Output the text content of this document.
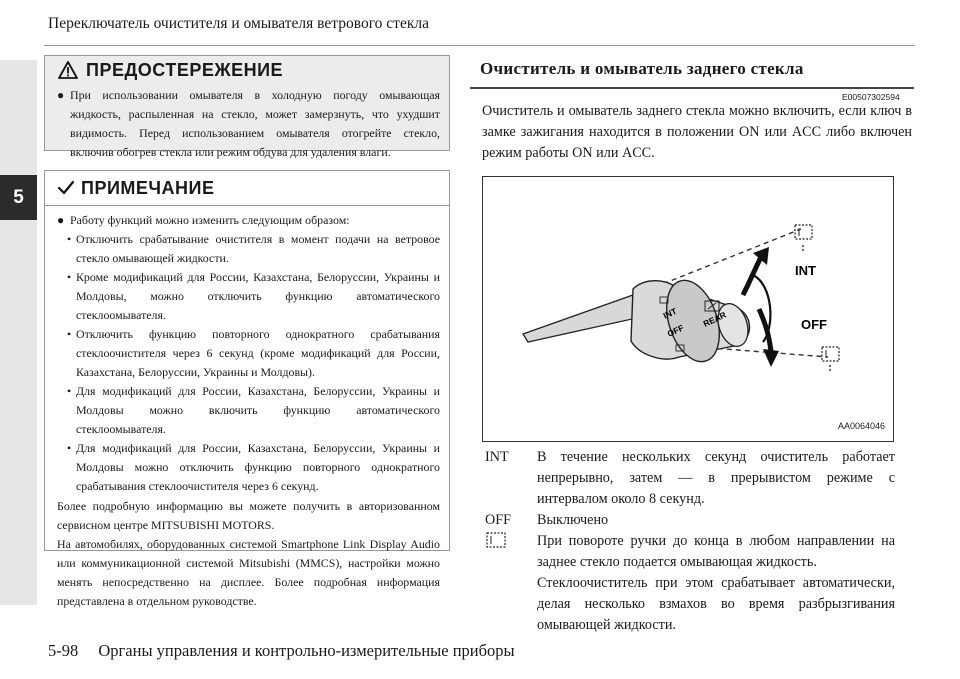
5
Переключатель очистителя и омывателя ветрового стекла
ПРЕДОСТЕРЕЖЕНИЕ
● При использовании омывателя в холодную погоду омывающая жидкость, распыленная на стекло, может замерзнуть, что ухудшит видимость. Перед использованием омывателя отогрейте стекло, включив обогрев стекла или режим обдува для удаления влаги.
ПРИМЕЧАНИЕ
● Работу функций можно изменить следующим образом:
• Отключить срабатывание очистителя в момент подачи на ветровое стекло омывающей жидкости.
• Кроме модификаций для России, Казахстана, Белоруссии, Украины и Молдовы, можно отключить функцию автоматического стеклоомывателя.
• Отключить функцию повторного однократного срабатывания стеклоочистителя через 6 секунд (кроме модификаций для России, Казахстана, Белоруссии, Украины и Молдовы).
• Для модификаций для России, Казахстана, Белоруссии, Украины и Молдовы можно включить функцию автоматического стеклоомывателя.
• Для модификаций для России, Казахстана, Белоруссии, Украины и Молдовы можно отключить функцию повторного однократного срабатывания стеклоочистителя через 6 секунд.
Более подробную информацию вы можете получить в авторизованном сервисном центре MITSUBISHI MOTORS.
На автомобилях, оборудованных системой Smartphone Link Display Audio или коммуникационной системой Mitsubishi (MMCS), настройки можно менять непосредственно на дисплее. Более подробная информация представлена в отдельном руководстве.
Очиститель и омыватель заднего стекла
E00507302594
Очиститель и омыватель заднего стекла можно включить, если ключ в замке зажигания находится в положении ON или ACC либо включен режим работы ON или ACC.
INT
OFF
REAR
INT
OFF
AA0064046
INT	В течение нескольких секунд очиститель работает непрерывно, затем — в прерывистом режиме с интервалом около 8 секунд.
OFF	Выключено
При повороте ручки до конца в любом направлении на заднее стекло подается омывающая жидкость.
Стеклоочиститель при этом срабатывает автоматически, делая несколько взмахов во время разбрызгивания омывающей жидкости.
5-98 Органы управления и контрольно-измерительные приборы
